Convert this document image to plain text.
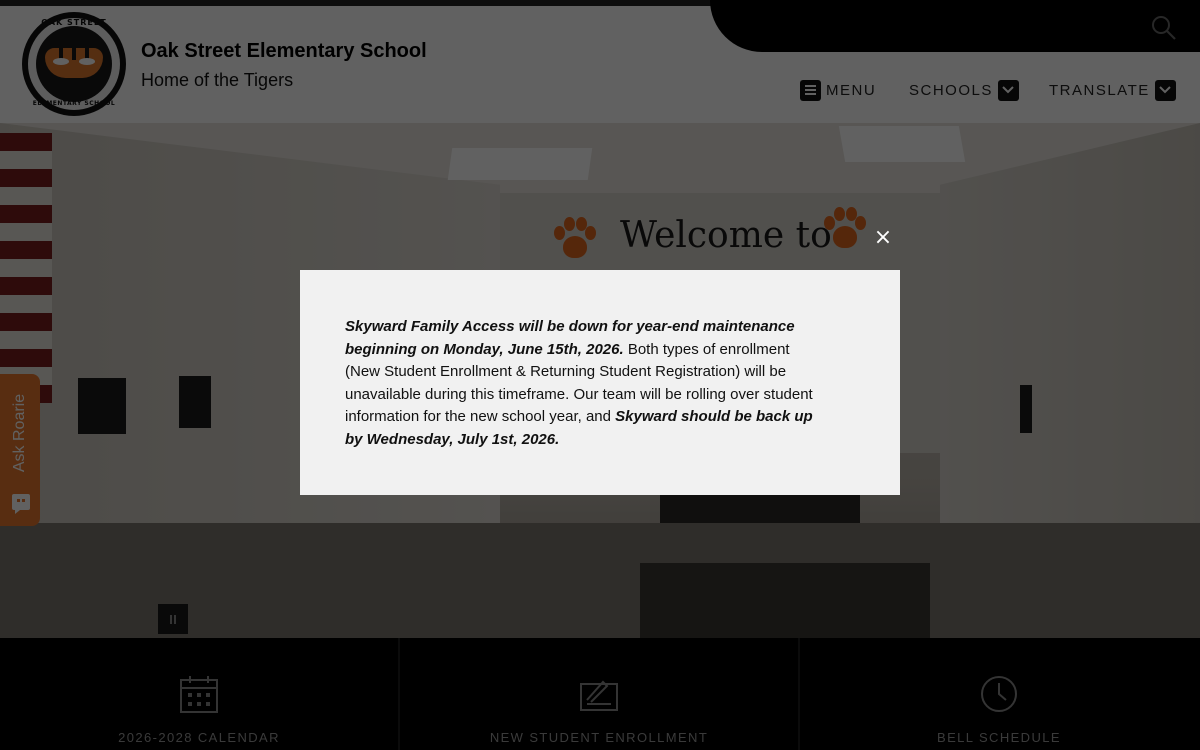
×
Skyward Family Access will be down for year-end maintenance beginning on Monday, June 15th, 2026. Both types of enrollment (New Student Enrollment & Returning Student Registration) will be unavailable during this timeframe. Our team will be rolling over student information for the new school year, and Skyward should be back up by Wednesday, July 1st, 2026.
